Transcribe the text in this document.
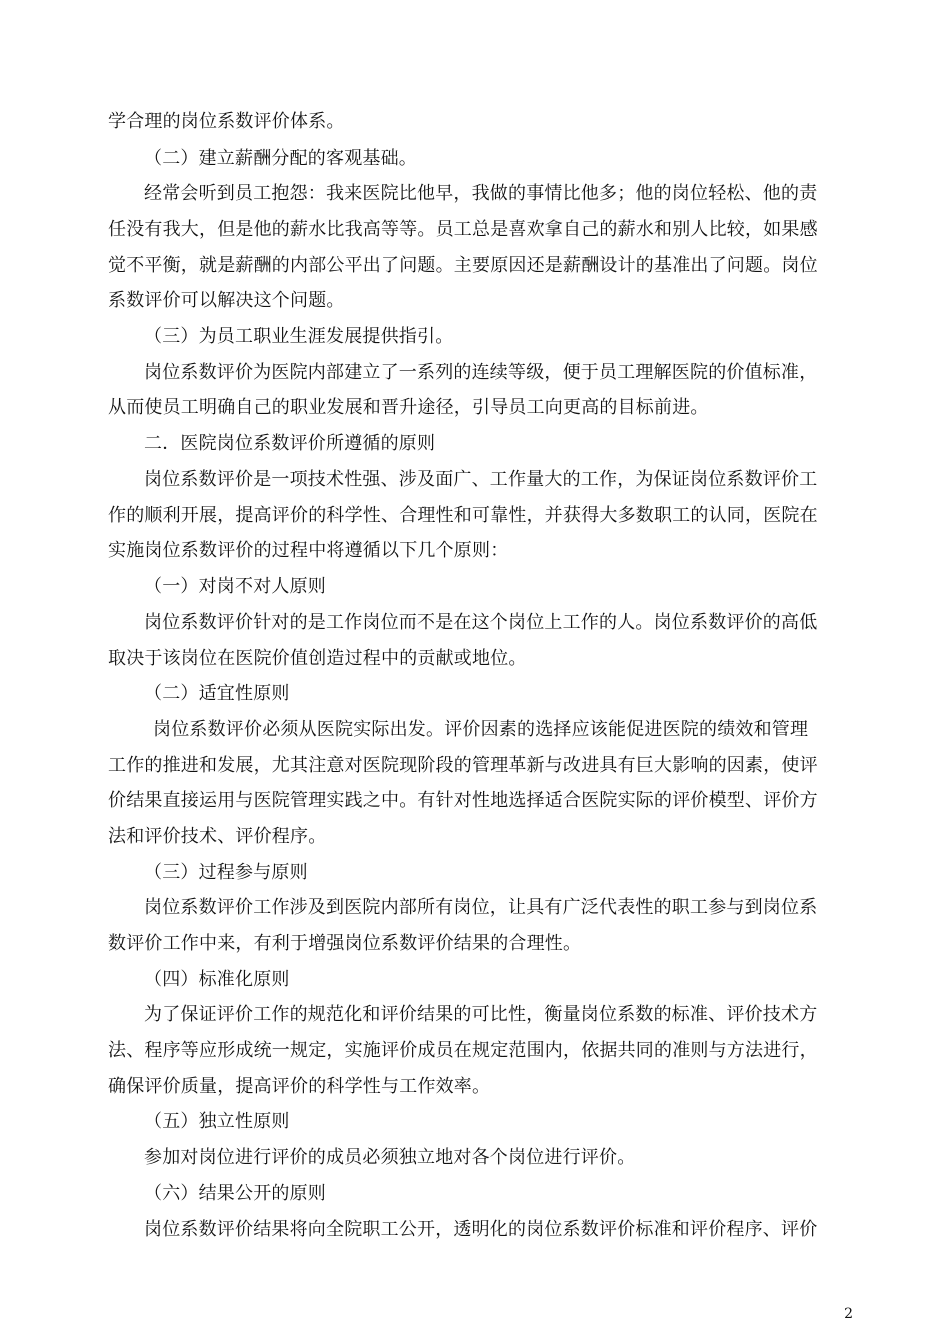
学合理的岗位系数评价体系。
（二）建立薪酬分配的客观基础。
经常会听到员工抱怨：我来医院比他早，我做的事情比他多；他的岗位轻松、他的责
任没有我大，但是他的薪水比我高等等。员工总是喜欢拿自己的薪水和别人比较，如果感
觉不平衡，就是薪酬的内部公平出了问题。主要原因还是薪酬设计的基准出了问题。岗位
系数评价可以解决这个问题。
（三）为员工职业生涯发展提供指引。
岗位系数评价为医院内部建立了一系列的连续等级，便于员工理解医院的价值标准，
从而使员工明确自己的职业发展和晋升途径，引导员工向更高的目标前进。
二．医院岗位系数评价所遵循的原则
岗位系数评价是一项技术性强、涉及面广、工作量大的工作，为保证岗位系数评价工
作的顺利开展，提高评价的科学性、合理性和可靠性，并获得大多数职工的认同，医院在
实施岗位系数评价的过程中将遵循以下几个原则：
（一）对岗不对人原则
岗位系数评价针对的是工作岗位而不是在这个岗位上工作的人。岗位系数评价的高低
取决于该岗位在医院价值创造过程中的贡献或地位。
（二）适宜性原则
岗位系数评价必须从医院实际出发。评价因素的选择应该能促进医院的绩效和管理
工作的推进和发展，尤其注意对医院现阶段的管理革新与改进具有巨大影响的因素，使评
价结果直接运用与医院管理实践之中。有针对性地选择适合医院实际的评价模型、评价方
法和评价技术、评价程序。
（三）过程参与原则
岗位系数评价工作涉及到医院内部所有岗位，让具有广泛代表性的职工参与到岗位系
数评价工作中来，有利于增强岗位系数评价结果的合理性。
（四）标准化原则
为了保证评价工作的规范化和评价结果的可比性，衡量岗位系数的标准、评价技术方
法、程序等应形成统一规定，实施评价成员在规定范围内，依据共同的准则与方法进行，
确保评价质量，提高评价的科学性与工作效率。
（五）独立性原则
参加对岗位进行评价的成员必须独立地对各个岗位进行评价。
（六）结果公开的原则
岗位系数评价结果将向全院职工公开，透明化的岗位系数评价标准和评价程序、评价
2
